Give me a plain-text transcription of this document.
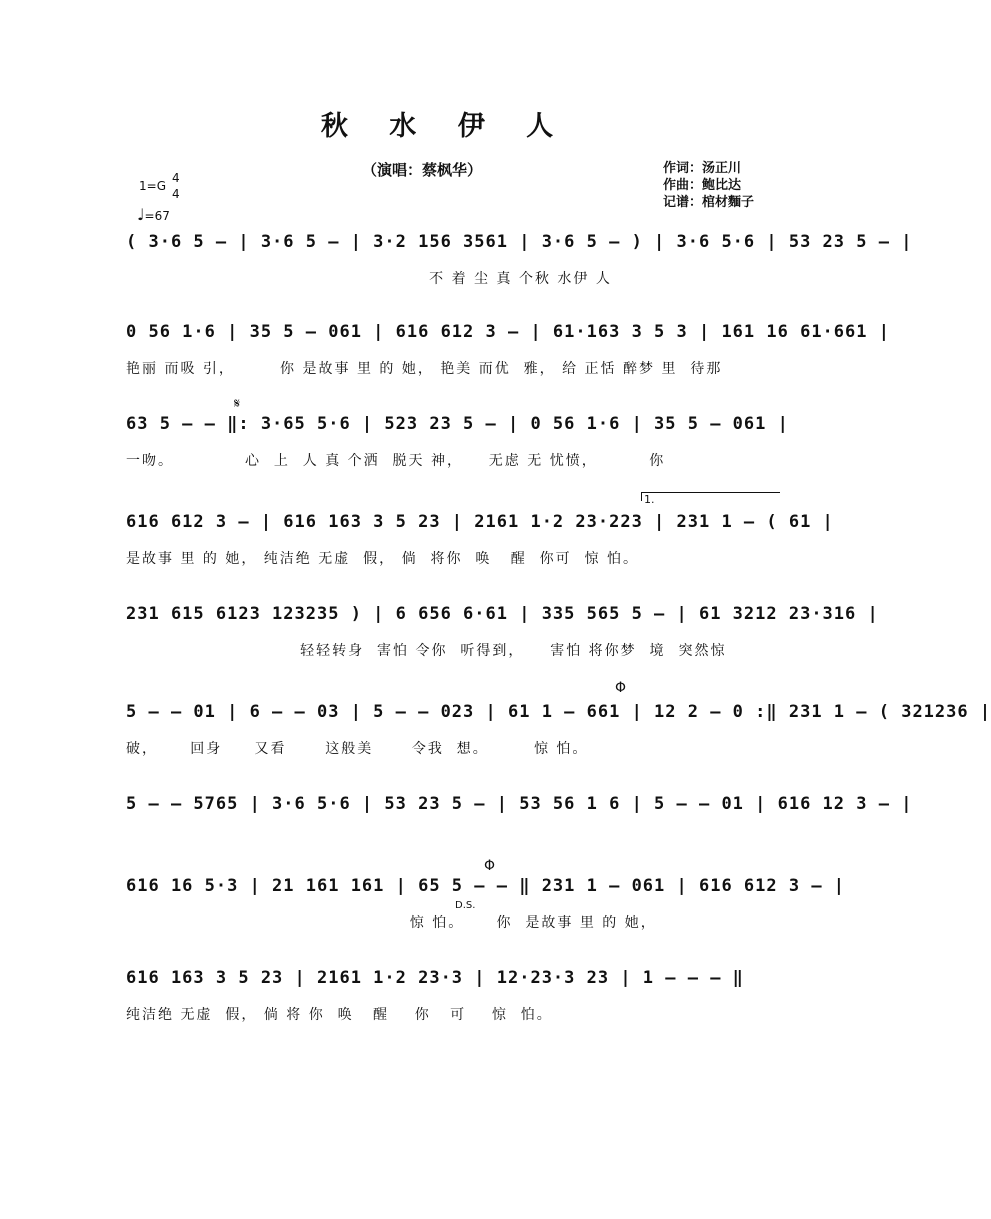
秋 水 伊 人
（演唱：蔡枫华）	作词：汤正川
作曲：鲍比达
记谱：棺材麵子
1=G
4
4
♩=67
( 3·6 5 – | 3·6 5 – | 3·2 156 3561 | 3·6 5 – ) | 3·6 5·6 | 53 23 5 – |
不 着 尘 真 个秋 水伊 人
0 56 1·6 | 35 5 – 061 | 616 612 3 – | 61·163 3 5 3 | 161 16 61·661 |
艳丽 而吸 引，       你 是故事 里 的 她， 艳美 而优  雅， 给 正恬 醉梦 里  待那
63 5 – – ‖: 3·65 5·6 | 523 23 5 – | 0 56 1·6 | 35 5 – 061 |
一吻。           心  上  人 真 个洒  脱天 神，    无虑 无 忧愤，        你
𝄋
616 612 3 – | 616 163 3 5 23 | 2161 1·2 23·223 | 231 1 – ( 61 |
是故事 里 的 她， 纯洁绝 无虚  假， 倘  将你  唤   醒  你可  惊 怕。
1.
231 615 6123 123235 ) | 6 656 6·61 | 335 565 5 – | 61 3212 23·316 |
轻轻转身  害怕 令你  听得到，    害怕 将你梦  境  突然惊
5 – – 01 | 6 – – 03 | 5 – – 023 | 61 1 – 661 | 12 2 – 0 :‖ 231 1 – ( 321236 |
破，     回身     又看      这般美      令我  想。       惊 怕。
Φ
5 – – 5765 | 3·6 5·6 | 53 23 5 – | 53 56 1 6 | 5 – – 01 | 616 12 3 – |
616 16 5·3 | 21 161 161 | 65 5 – – ‖ 231 1 – 061 | 616 612 3 – |
惊 怕。     你  是故事 里 的 她，
Φ
D.S.
616 163 3 5 23 | 2161 1·2 23·3 | 12·23·3 23 | 1 – – – ‖
纯洁绝 无虚  假， 倘 将 你  唤   醒    你   可    惊  怕。
